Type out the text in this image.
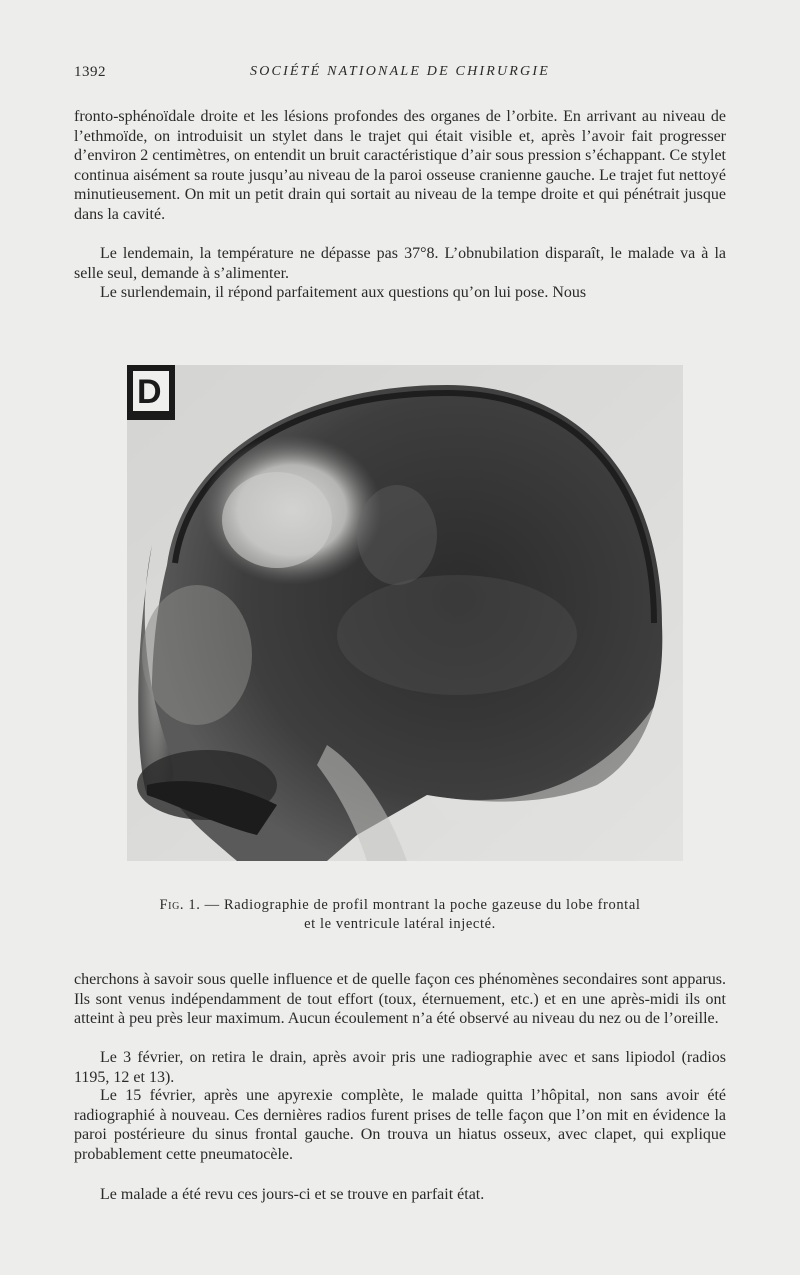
1392	SOCIÉTÉ NATIONALE DE CHIRURGIE

fronto-sphénoïdale droite et les lésions profondes des organes de l’orbite. En arrivant au niveau de l’ethmoïde, on introduisit un stylet dans le trajet qui était visible et, après l’avoir fait progresser d’environ 2 centimètres, on entendit un bruit caractéristique d’air sous pression s’échappant. Ce stylet continua aisément sa route jusqu’au niveau de la paroi osseuse cranienne gauche. Le trajet fut nettoyé minutieusement. On mit un petit drain qui sortait au niveau de la tempe droite et qui pénétrait jusque dans la cavité.

Le lendemain, la température ne dépasse pas 37°8. L’obnubilation disparaît, le malade va à la selle seul, demande à s’alimenter.

Le surlendemain, il répond parfaitement aux questions qu’on lui pose. Nous

D

Fig. 1. — Radiographie de profil montrant la poche gazeuse du lobe frontal
et le ventricule latéral injecté.

cherchons à savoir sous quelle influence et de quelle façon ces phénomènes secondaires sont apparus. Ils sont venus indépendamment de tout effort (toux, éternuement, etc.) et en une après-midi ils ont atteint à peu près leur maximum. Aucun écoulement n’a été observé au niveau du nez ou de l’oreille.

Le 3 février, on retira le drain, après avoir pris une radiographie avec et sans lipiodol (radios 1195, 12 et 13).

Le 15 février, après une apyrexie complète, le malade quitta l’hôpital, non sans avoir été radiographié à nouveau. Ces dernières radios furent prises de telle façon que l’on mit en évidence la paroi postérieure du sinus frontal gauche. On trouva un hiatus osseux, avec clapet, qui explique probablement cette pneumatocèle.

Le malade a été revu ces jours-ci et se trouve en parfait état.
